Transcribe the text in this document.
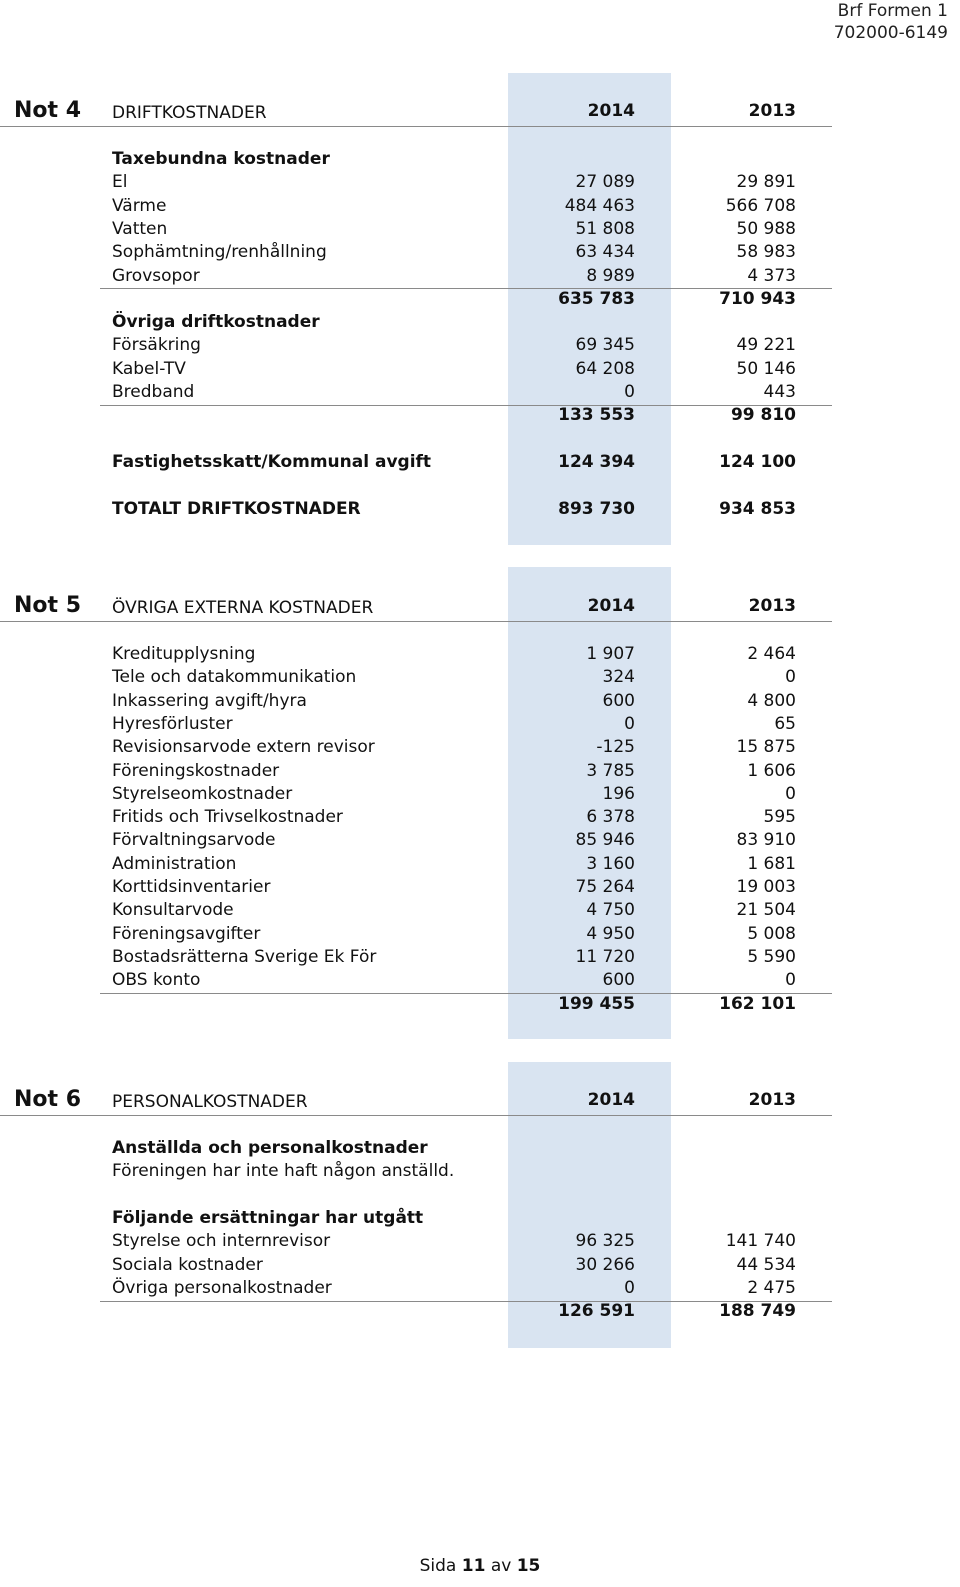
Brf Formen 1
702000-6149
Not 4 DRIFTKOSTNADER	2014	2013
Taxebundna kostnader
El	27 089	29 891
Värme	484 463	566 708
Vatten	51 808	50 988
Sophämtning/renhållning	63 434	58 983
Grovsopor	8 989	4 373
635 783	710 943
Övriga driftkostnader
Försäkring	69 345	49 221
Kabel-TV	64 208	50 146
Bredband	0	443
133 553	99 810
Fastighetsskatt/Kommunal avgift	124 394	124 100
TOTALT DRIFTKOSTNADER	893 730	934 853
Not 5 ÖVRIGA EXTERNA KOSTNADER	2014	2013
Kreditupplysning	1 907	2 464
Tele och datakommunikation	324	0
Inkassering avgift/hyra	600	4 800
Hyresförluster	0	65
Revisionsarvode extern revisor	-125	15 875
Föreningskostnader	3 785	1 606
Styrelseomkostnader	196	0
Fritids och Trivselkostnader	6 378	595
Förvaltningsarvode	85 946	83 910
Administration	3 160	1 681
Korttidsinventarier	75 264	19 003
Konsultarvode	4 750	21 504
Föreningsavgifter	4 950	5 008
Bostadsrätterna Sverige Ek För	11 720	5 590
OBS konto	600	0
199 455	162 101
Not 6 PERSONALKOSTNADER	2014	2013
Anställda och personalkostnader
Föreningen har inte haft någon anställd.
Följande ersättningar har utgått
Styrelse och internrevisor	96 325	141 740
Sociala kostnader	30 266	44 534
Övriga personalkostnader	0	2 475
126 591	188 749
Sida 11 av 15
